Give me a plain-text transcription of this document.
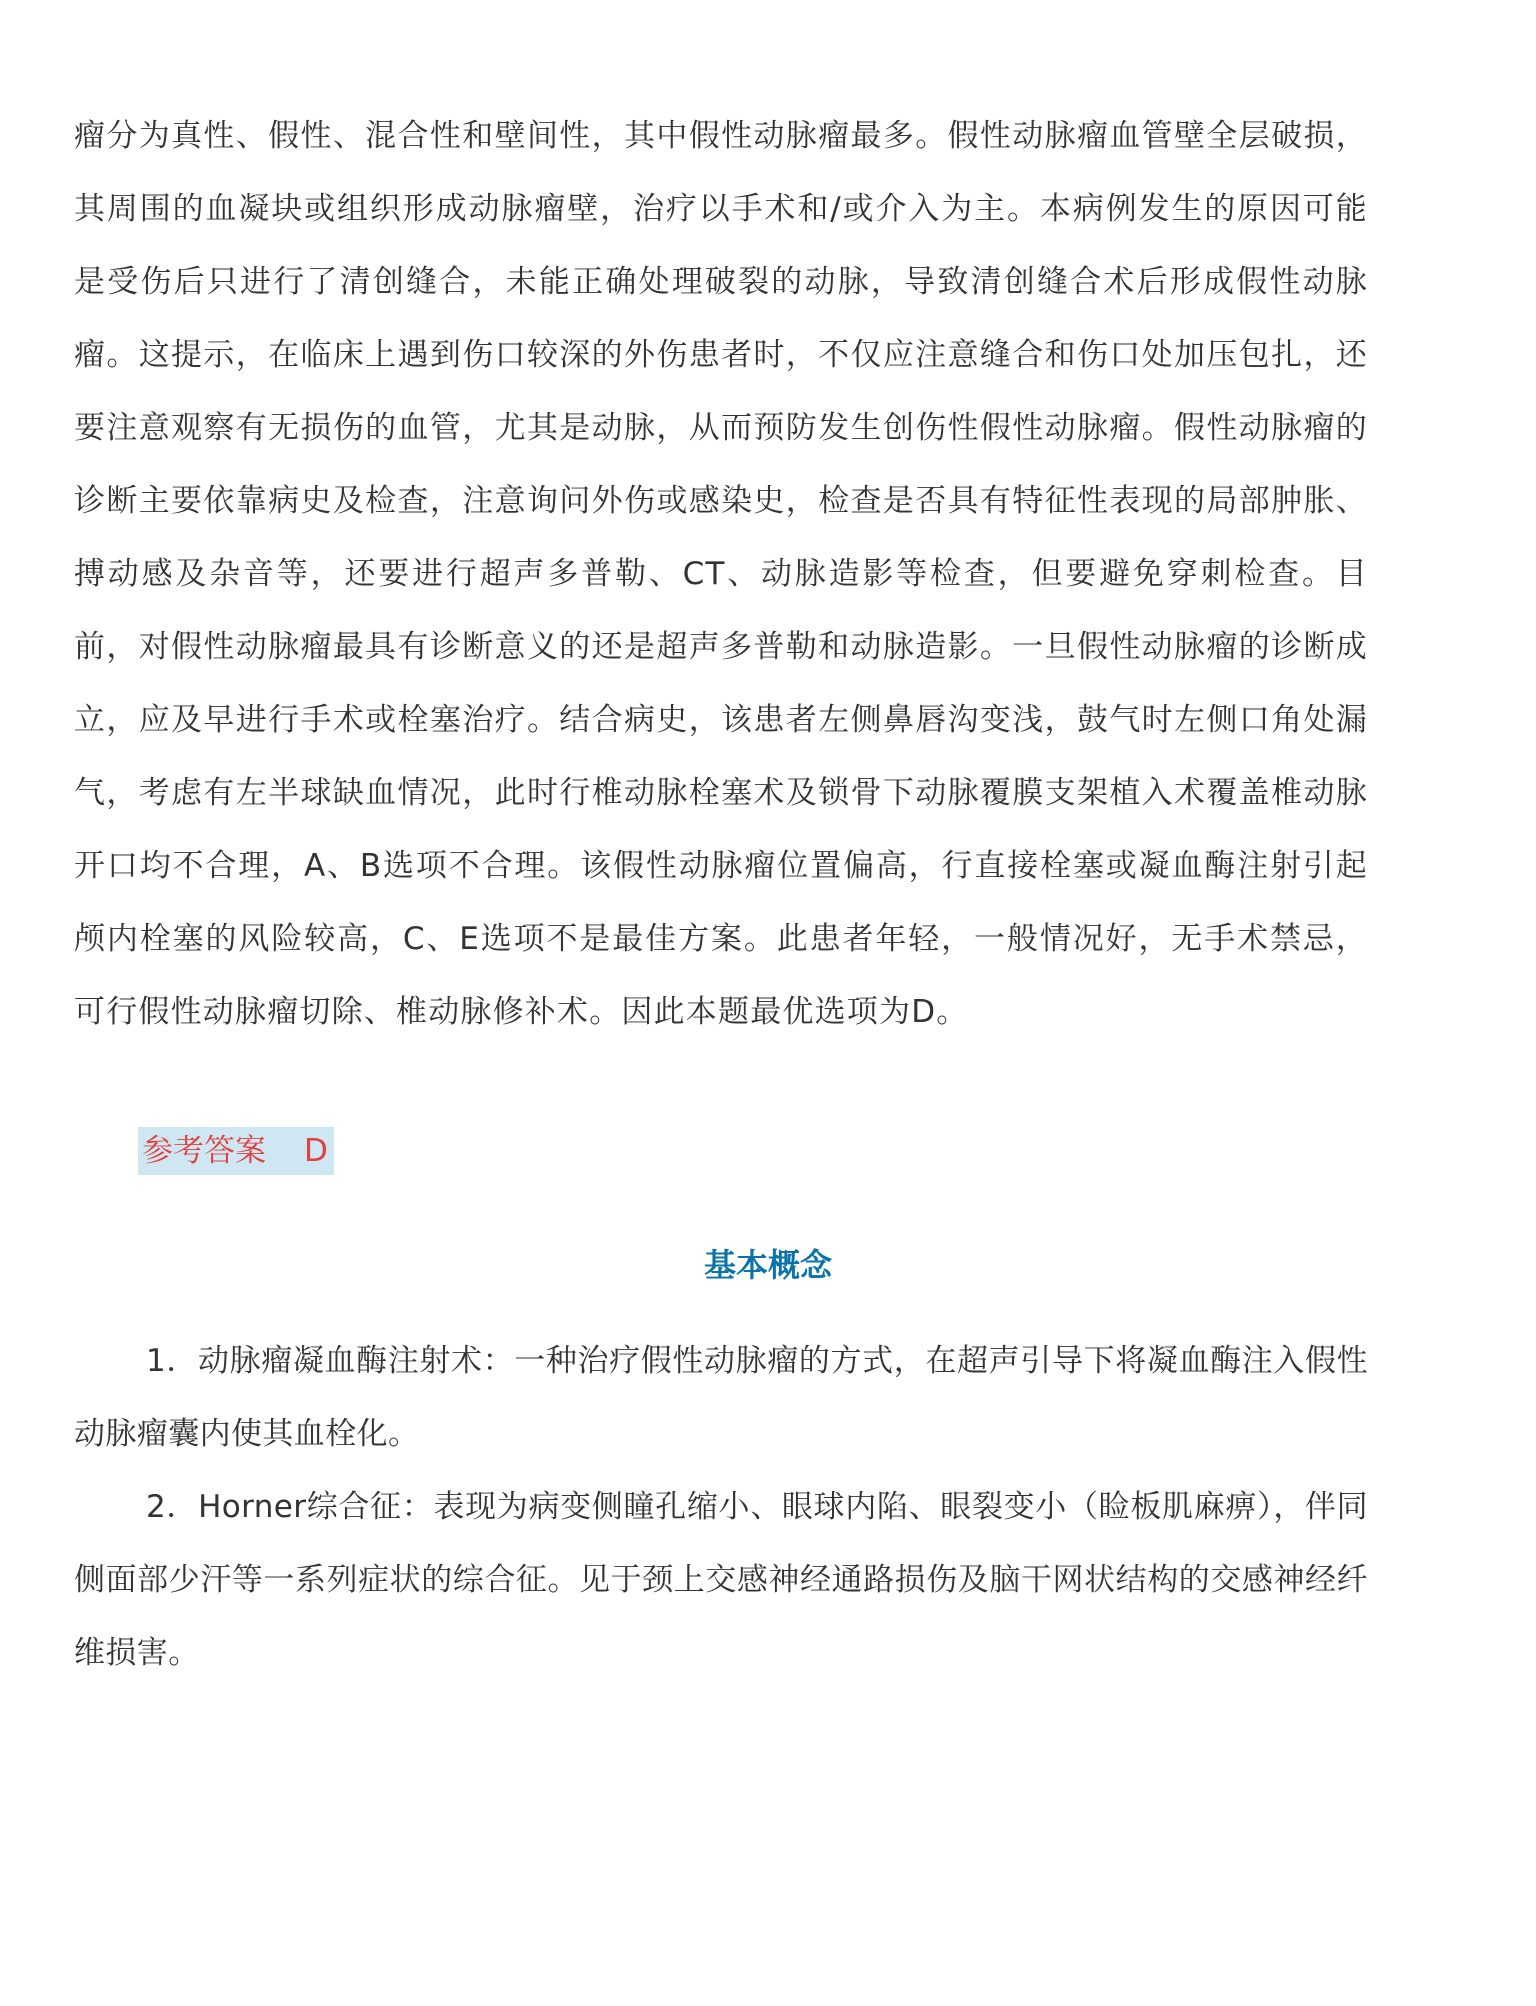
瘤分为真性、假性、混合性和壁间性，其中假性动脉瘤最多。假性动脉瘤血管壁全层破损，其周围的血凝块或组织形成动脉瘤壁，治疗以手术和/或介入为主。本病例发生的原因可能是受伤后只进行了清创缝合，未能正确处理破裂的动脉，导致清创缝合术后形成假性动脉瘤。这提示，在临床上遇到伤口较深的外伤患者时，不仅应注意缝合和伤口处加压包扎，还要注意观察有无损伤的血管，尤其是动脉，从而预防发生创伤性假性动脉瘤。假性动脉瘤的诊断主要依靠病史及检查，注意询问外伤或感染史，检查是否具有特征性表现的局部肿胀、搏动感及杂音等，还要进行超声多普勒、CT、动脉造影等检查，但要避免穿刺检查。目前，对假性动脉瘤最具有诊断意义的还是超声多普勒和动脉造影。一旦假性动脉瘤的诊断成立，应及早进行手术或栓塞治疗。结合病史，该患者左侧鼻唇沟变浅，鼓气时左侧口角处漏气，考虑有左半球缺血情况，此时行椎动脉栓塞术及锁骨下动脉覆膜支架植入术覆盖椎动脉开口均不合理，A、B选项不合理。该假性动脉瘤位置偏高，行直接栓塞或凝血酶注射引起颅内栓塞的风险较高，C、E选项不是最佳方案。此患者年轻，一般情况好，无手术禁忌，可行假性动脉瘤切除、椎动脉修补术。因此本题最优选项为D。

参考答案 D
基本概念

1．动脉瘤凝血酶注射术：一种治疗假性动脉瘤的方式，在超声引导下将凝血酶注入假性动脉瘤囊内使其血栓化。

2．Horner综合征：表现为病变侧瞳孔缩小、眼球内陷、眼裂变小（睑板肌麻痹），伴同侧面部少汗等一系列症状的综合征。见于颈上交感神经通路损伤及脑干网状结构的交感神经纤维损害。
